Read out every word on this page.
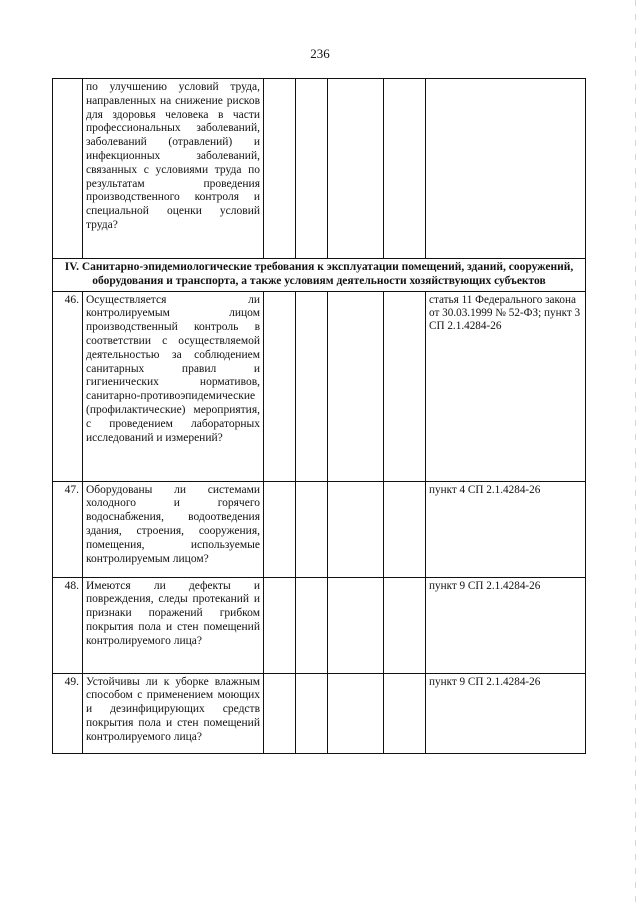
236
	по улучшению условий труда, направленных на снижение рисков для здоровья человека в части профессиональных заболеваний, заболеваний (отравлений) и инфекционных заболеваний, связанных с условиями труда по результатам проведения производственного контроля и специальной оценки условий труда?					
IV. Санитарно-эпидемиологические требования к эксплуатации помещений, зданий, сооружений, оборудования и транспорта, а также условиям деятельности хозяйствующих субъектов						
46.	Осуществляется ли контролируемым лицом производственный контроль в соответствии с осуществляемой деятельностью за соблюдением санитарных правил и гигиенических нормативов, санитарно-противоэпидемические (профилактические) мероприятия, с проведением лабораторных исследований и измерений?					статья 11 Федерального закона от 30.03.1999 № 52-ФЗ; пункт 3 СП 2.1.4284-26
47.	Оборудованы ли системами холодного и горячего водоснабжения, водоотведения здания, строения, сооружения, помещения, используемые контролируемым лицом?					пункт 4 СП 2.1.4284-26
48.	Имеются ли дефекты и повреждения, следы протеканий и признаки поражений грибком покрытия пола и стен помещений контролируемого лица?					пункт 9 СП 2.1.4284-26
49.	Устойчивы ли к уборке влажным способом с применением моющих и дезинфицирующих средств покрытия пола и стен помещений контролируемого лица?					пункт 9 СП 2.1.4284-26
